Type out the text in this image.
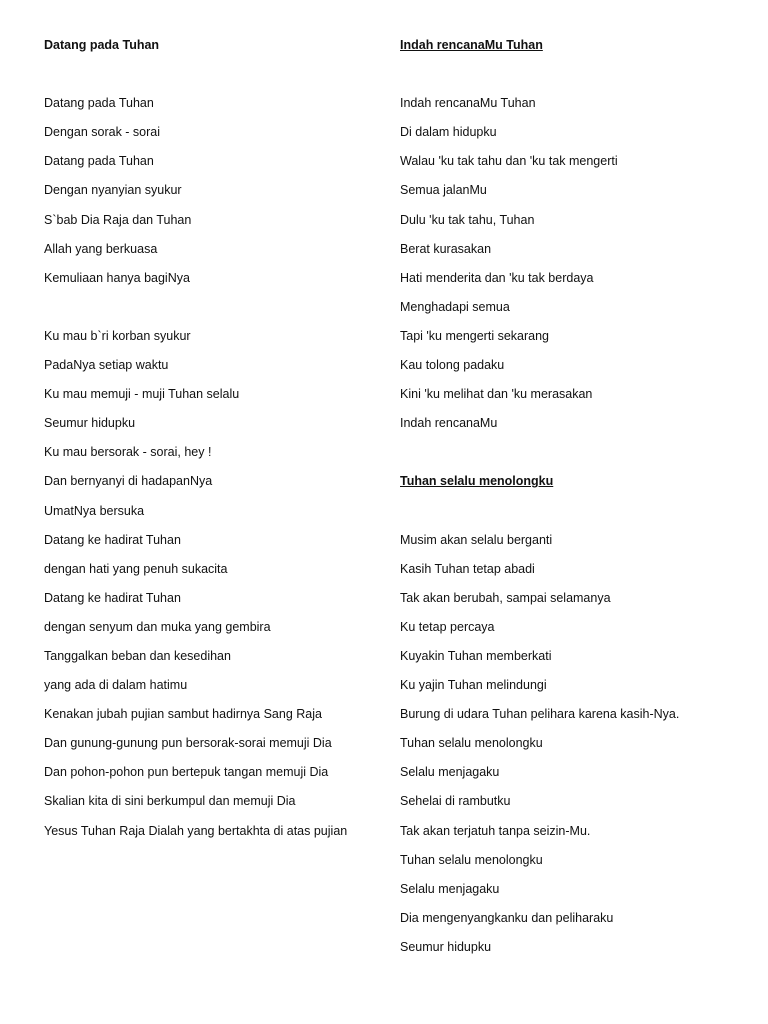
Datang pada Tuhan
Datang pada Tuhan
Dengan sorak - sorai
Datang pada Tuhan
Dengan nyanyian syukur
S`bab Dia Raja dan Tuhan
Allah yang berkuasa
Kemuliaan hanya bagiNya
Ku mau b`ri korban syukur
PadaNya setiap waktu
Ku mau memuji - muji Tuhan selalu
Seumur hidupku
Ku mau bersorak - sorai, hey !
Dan bernyanyi di hadapanNya
UmatNya bersuka
Datang ke hadirat Tuhan
dengan hati yang penuh sukacita
Datang ke hadirat Tuhan
dengan senyum dan muka yang gembira
Tanggalkan beban dan kesedihan
yang ada di dalam hatimu
Kenakan jubah pujian sambut hadirnya Sang Raja
Dan gunung-gunung pun bersorak-sorai memuji Dia
Dan pohon-pohon pun bertepuk tangan memuji Dia
Skalian kita di sini berkumpul dan memuji Dia
Yesus Tuhan Raja Dialah yang bertakhta di atas pujian
Indah rencanaMu Tuhan
Indah rencanaMu Tuhan
Di dalam hidupku
Walau 'ku tak tahu dan 'ku tak mengerti
Semua jalanMu
Dulu 'ku tak tahu, Tuhan
Berat kurasakan
Hati menderita dan 'ku tak berdaya
Menghadapi semua
Tapi 'ku mengerti sekarang
Kau tolong padaku
Kini 'ku melihat dan 'ku merasakan
Indah rencanaMu
Tuhan selalu menolongku
Musim akan selalu berganti
Kasih Tuhan tetap abadi
Tak akan berubah, sampai selamanya
Ku tetap percaya
Kuyakin Tuhan memberkati
Ku yajin Tuhan melindungi
Burung di udara Tuhan pelihara karena kasih-Nya.
Tuhan selalu menolongku
Selalu menjagaku
Sehelai di rambutku
Tak akan terjatuh tanpa seizin-Mu.
Tuhan selalu menolongku
Selalu menjagaku
Dia mengenyangkanku dan peliharaku
Seumur hidupku
